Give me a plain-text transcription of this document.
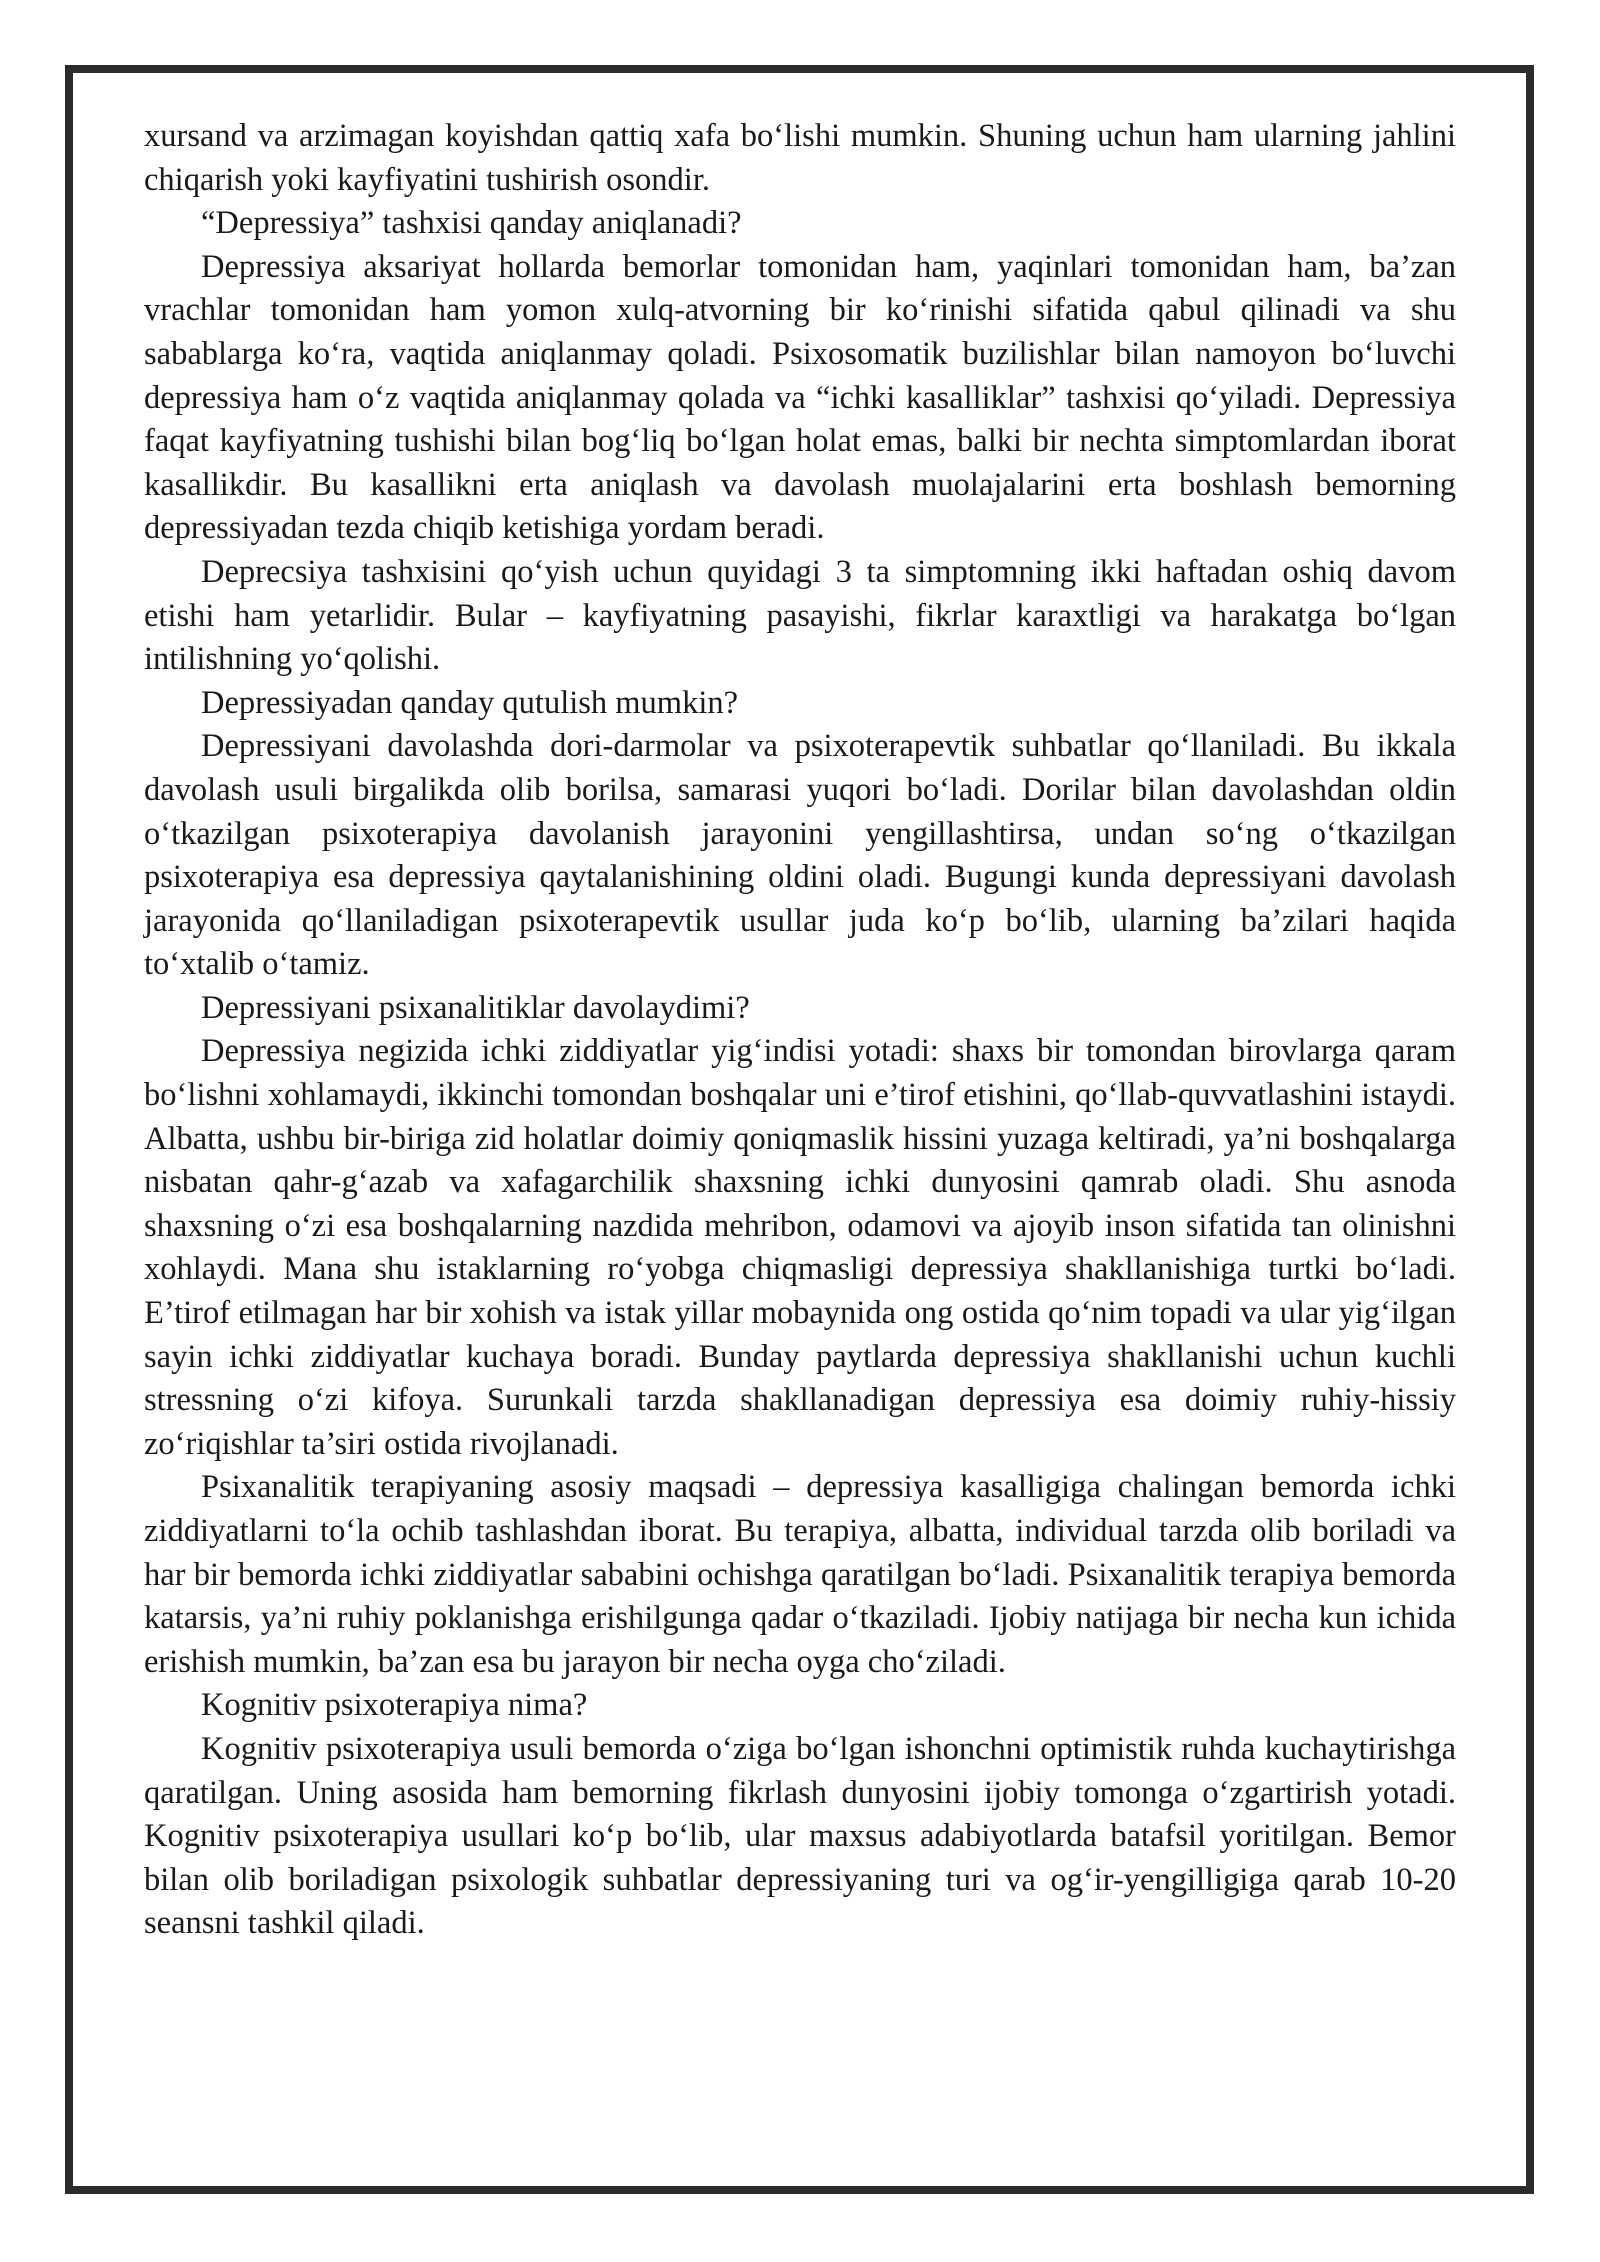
xursand va arzimagan koyishdan qattiq xafa boʻlishi mumkin. Shuning uchun ham ularning jahlini chiqarish yoki kayfiyatini tushirish osondir.

“Depressiya” tashxisi qanday aniqlanadi?

Depressiya aksariyat hollarda bemorlar tomonidan ham, yaqinlari tomonidan ham, ba’zan vrachlar tomonidan ham yomon xulq-atvorning bir koʻrinishi sifatida qabul qilinadi va shu sabablarga koʻra, vaqtida aniqlanmay qoladi. Psixosomatik buzilishlar bilan namoyon boʻluvchi depressiya ham oʻz vaqtida aniqlanmay qolada va “ichki kasalliklar” tashxisi qoʻyiladi. Depressiya faqat kayfiyatning tushishi bilan bogʻliq boʻlgan holat emas, balki bir nechta simptomlardan iborat kasallikdir. Bu kasallikni erta aniqlash va davolash muolajalarini erta boshlash bemorning depressiyadan tezda chiqib ketishiga yordam beradi.

Deprecsiya tashxisini qoʻyish uchun quyidagi 3 ta simptomning ikki haftadan oshiq davom etishi ham yetarlidir. Bular – kayfiyatning pasayishi, fikrlar karaxtligi va harakatga boʻlgan intilishning yoʻqolishi.

Depressiyadan qanday qutulish mumkin?

Depressiyani davolashda dori-darmolar va psixoterapevtik suhbatlar qoʻllaniladi. Bu ikkala davolash usuli birgalikda olib borilsa, samarasi yuqori boʻladi. Dorilar bilan davolashdan oldin oʻtkazilgan psixoterapiya davolanish jarayonini yengillashtirsa, undan soʻng oʻtkazilgan psixoterapiya esa depressiya qaytalanishining oldini oladi. Bugungi kunda depressiyani davolash jarayonida qoʻllaniladigan psixoterapevtik usullar juda koʻp boʻlib, ularning ba’zilari haqida toʻxtalib oʻtamiz.

Depressiyani psixanalitiklar davolaydimi?

Depressiya negizida ichki ziddiyatlar yigʻindisi yotadi: shaxs bir tomondan birovlarga qaram boʻlishni xohlamaydi, ikkinchi tomondan boshqalar uni e’tirof etishini, qoʻllab-quvvatlashini istaydi. Albatta, ushbu bir-biriga zid holatlar doimiy qoniqmaslik hissini yuzaga keltiradi, ya’ni boshqalarga nisbatan qahr-gʻazab va xafagarchilik shaxsning ichki dunyosini qamrab oladi. Shu asnoda shaxsning oʻzi esa boshqalarning nazdida mehribon, odamovi va ajoyib inson sifatida tan olinishni xohlaydi. Mana shu istaklarning roʻyobga chiqmasligi depressiya shakllanishiga turtki boʻladi. E’tirof etilmagan har bir xohish va istak yillar mobaynida ong ostida qoʻnim topadi va ular yigʻilgan sayin ichki ziddiyatlar kuchaya boradi. Bunday paytlarda depressiya shakllanishi uchun kuchli stressning oʻzi kifoya. Surunkali tarzda shakllanadigan depressiya esa doimiy ruhiy-hissiy zoʻriqishlar ta’siri ostida rivojlanadi.

Psixanalitik terapiyaning asosiy maqsadi – depressiya kasalligiga chalingan bemorda ichki ziddiyatlarni toʻla ochib tashlashdan iborat. Bu terapiya, albatta, individual tarzda olib boriladi va har bir bemorda ichki ziddiyatlar sababini ochishga qaratilgan boʻladi. Psixanalitik terapiya bemorda katarsis, ya’ni ruhiy poklanishga erishilgunga qadar oʻtkaziladi. Ijobiy natijaga bir necha kun ichida erishish mumkin, ba’zan esa bu jarayon bir necha oyga choʻziladi.

Kognitiv psixoterapiya nima?

Kognitiv psixoterapiya usuli bemorda oʻziga boʻlgan ishonchni optimistik ruhda kuchaytirishga qaratilgan. Uning asosida ham bemorning fikrlash dunyosini ijobiy tomonga oʻzgartirish yotadi. Kognitiv psixoterapiya usullari koʻp boʻlib, ular maxsus adabiyotlarda batafsil yoritilgan. Bemor bilan olib boriladigan psixologik suhbatlar depressiyaning turi va ogʻir-yengilligiga qarab 10-20 seansni tashkil qiladi.
